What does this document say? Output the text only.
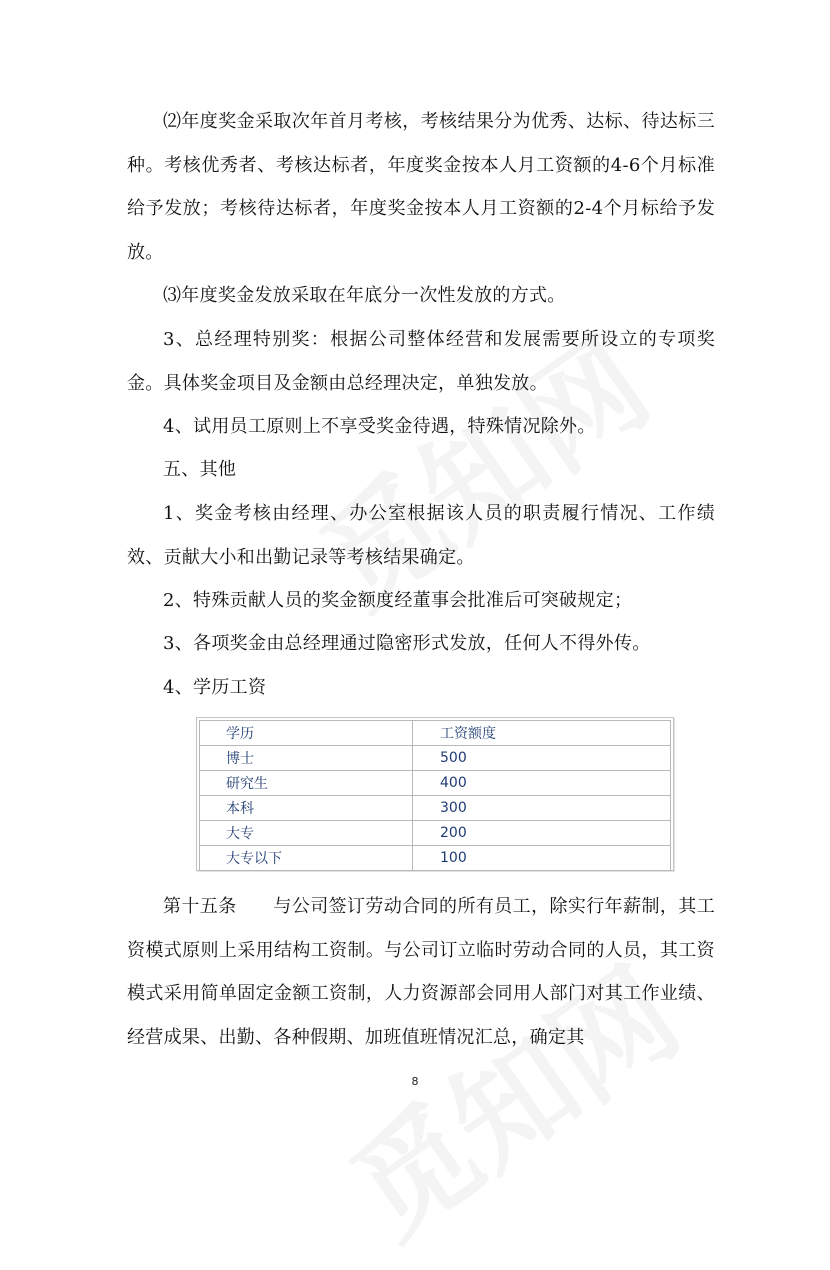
⑵年度奖金采取次年首月考核，考核结果分为优秀、达标、待达标三种。考核优秀者、考核达标者，年度奖金按本人月工资额的4-6个月标准给予发放；考核待达标者，年度奖金按本人月工资额的2-4个月标给予发放。

⑶年度奖金发放采取在年底分一次性发放的方式。

3、总经理特别奖：根据公司整体经营和发展需要所设立的专项奖金。具体奖金项目及金额由总经理决定，单独发放。

4、试用员工原则上不享受奖金待遇，特殊情况除外。

五、其他

1、奖金考核由经理、办公室根据该人员的职责履行情况、工作绩效、贡献大小和出勤记录等考核结果确定。

2、特殊贡献人员的奖金额度经董事会批准后可突破规定；

3、各项奖金由总经理通过隐密形式发放，任何人不得外传。

4、学历工资

学历	工资额度
博士	500
研究生	400
本科	300
大专	200
大专以下	100

第十五条　　与公司签订劳动合同的所有员工，除实行年薪制，其工资模式原则上采用结构工资制。与公司订立临时劳动合同的人员，其工资模式采用简单固定金额工资制，人力资源部会同用人部门对其工作业绩、经营成果、出勤、各种假期、加班值班情况汇总，确定其

8
